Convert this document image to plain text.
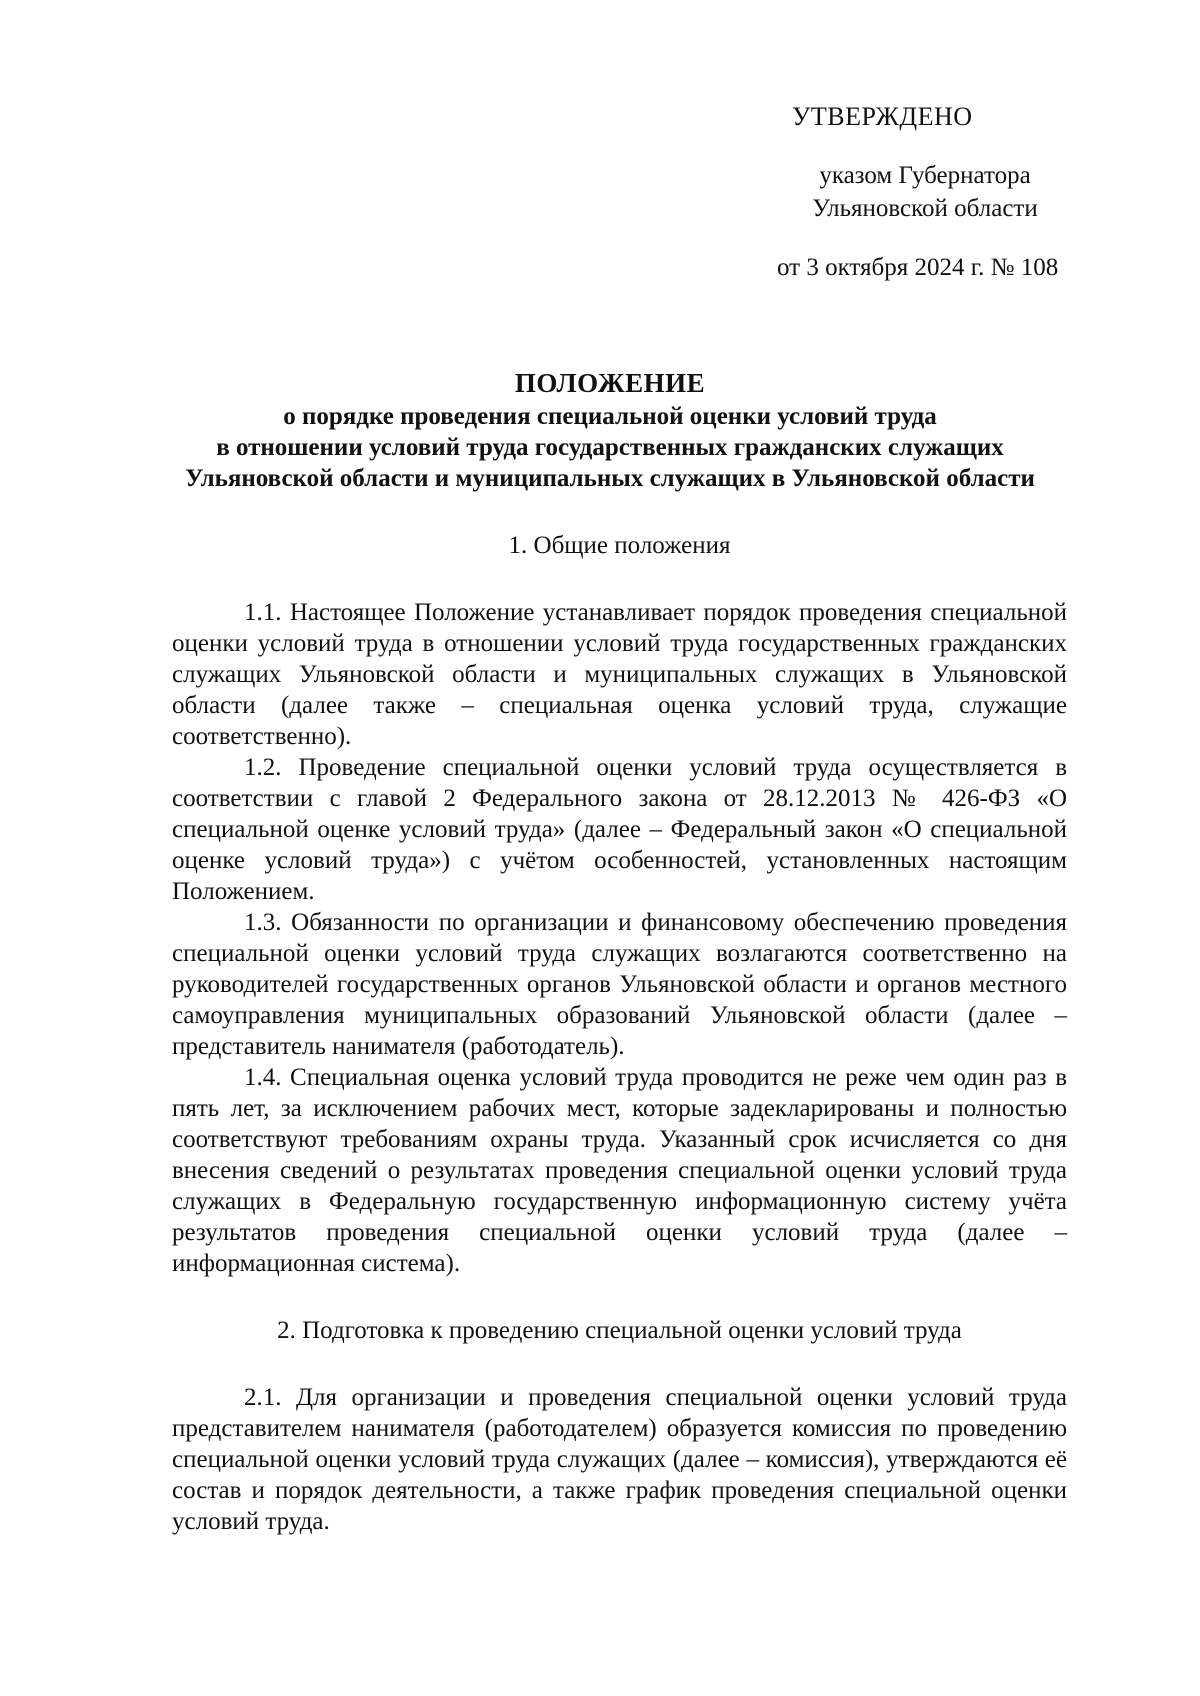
УТВЕРЖДЕНО
указом Губернатора
Ульяновской области
от 3 октября 2024 г. № 108
ПОЛОЖЕНИЕ
о порядке проведения специальной оценки условий труда
в отношении условий труда государственных гражданских служащих
Ульяновской области и муниципальных служащих в Ульяновской области
1. Общие положения

1.1. Настоящее Положение устанавливает порядок проведения специальной оценки условий труда в отношении условий труда государственных гражданских служащих Ульяновской области и муниципальных служащих в Ульяновской области (далее также – специальная оценка условий труда, служащие соответственно).

1.2. Проведение специальной оценки условий труда осуществляется в соответствии с главой 2 Федерального закона от 28.12.2013 № 426-ФЗ «О специальной оценке условий труда» (далее – Федеральный закон «О специальной оценке условий труда») с учётом особенностей, установленных настоящим Положением.

1.3. Обязанности по организации и финансовому обеспечению проведения специальной оценки условий труда служащих возлагаются соответственно на руководителей государственных органов Ульяновской области и органов местного самоуправления муниципальных образований Ульяновской области (далее – представитель нанимателя (работодатель).

1.4. Специальная оценка условий труда проводится не реже чем один раз в пять лет, за исключением рабочих мест, которые задекларированы и полностью соответствуют требованиям охраны труда. Указанный срок исчисляется со дня внесения сведений о результатах проведения специальной оценки условий труда служащих в Федеральную государственную информационную систему учёта результатов проведения специальной оценки условий труда (далее – информационная система).

2. Подготовка к проведению специальной оценки условий труда

2.1. Для организации и проведения специальной оценки условий труда представителем нанимателя (работодателем) образуется комиссия по проведению специальной оценки условий труда служащих (далее – комиссия), утверждаются её состав и порядок деятельности, а также график проведения специальной оценки условий труда.
